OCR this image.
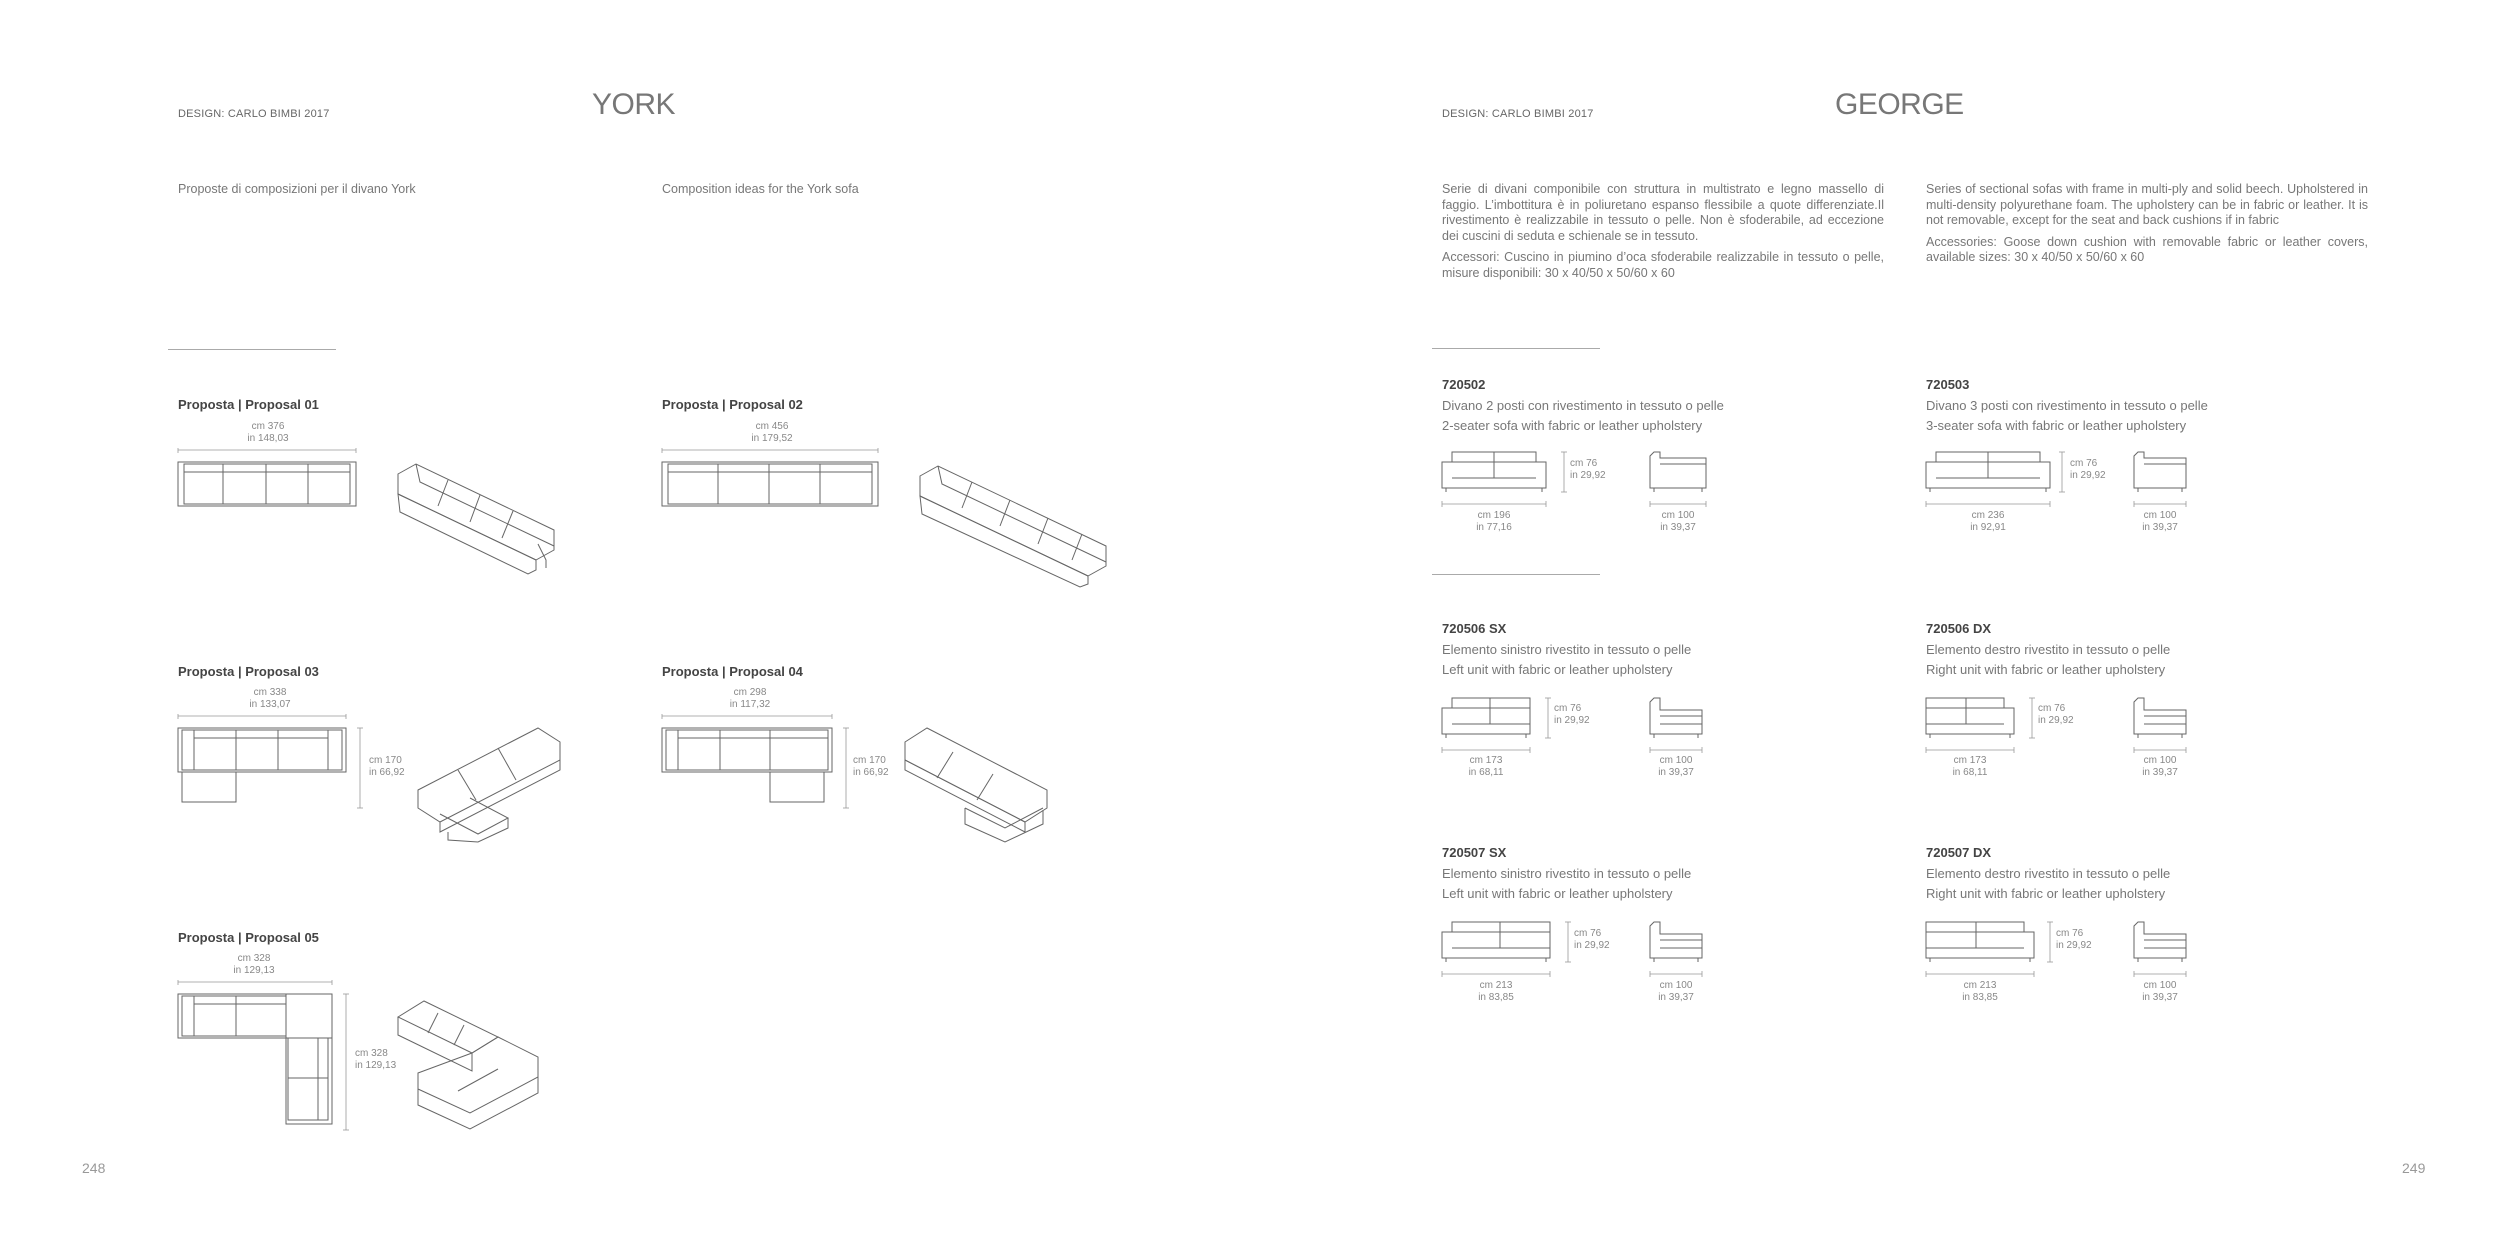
DESIGN: CARLO BIMBI 2017	YORK
Proposte di composizioni per il divano York	Composition ideas for the York sofa
Proposta | Proposal 01
cm 376
in 148,03
Proposta | Proposal 02
cm 456
in 179,52
Proposta | Proposal 03
cm 338
in 133,07
cm 170
in 66,92
Proposta | Proposal 04
cm 298
in 117,32
cm 170
in 66,92
Proposta | Proposal 05
cm 328
in 129,13
cm 328
in 129,13
248
DESIGN: CARLO BIMBI 2017	GEORGE
Serie di divani componibile con struttura in multistrato e legno massello di faggio. L’imbottitura è in poliuretano espanso flessibile a quote differenziate.Il rivestimento è realizzabile in tessuto o pelle. Non è sfoderabile, ad eccezione dei cuscini di seduta e schienale se in tessuto.
Accessori: Cuscino in piumino d’oca sfoderabile realizzabile in tessuto o pelle, misure disponibili: 30 x 40/50 x 50/60 x 60
Series of sectional sofas with frame in multi-ply and solid beech. Upholstered in multi-density polyurethane foam. The upholstery can be in fabric or leather. It is not removable, except for the seat and back cushions if in fabric
Accessories: Goose down cushion with removable fabric or leather covers, available sizes: 30 x 40/50 x 50/60 x 60
720502
Divano 2 posti con rivestimento in tessuto o pelle
2-seater sofa with fabric or leather upholstery
cm 76
in 29,92
cm 196
in 77,16
cm 100
in 39,37
720503
Divano 3 posti con rivestimento in tessuto o pelle
3-seater sofa with fabric or leather upholstery
cm 76
in 29,92
cm 236
in 92,91
cm 100
in 39,37
720506 SX
Elemento sinistro rivestito in tessuto o pelle
Left unit with fabric or leather upholstery
cm 76
in 29,92
cm 173
in 68,11
cm 100
in 39,37
720506 DX
Elemento destro rivestito in tessuto o pelle
Right unit with fabric or leather upholstery
cm 76
in 29,92
cm 173
in 68,11
cm 100
in 39,37
720507 SX
Elemento sinistro rivestito in tessuto o pelle
Left unit with fabric or leather upholstery
cm 76
in 29,92
cm 213
in 83,85
cm 100
in 39,37
720507 DX
Elemento destro rivestito in tessuto o pelle
Right unit with fabric or leather upholstery
cm 76
in 29,92
cm 213
in 83,85
cm 100
in 39,37
249
